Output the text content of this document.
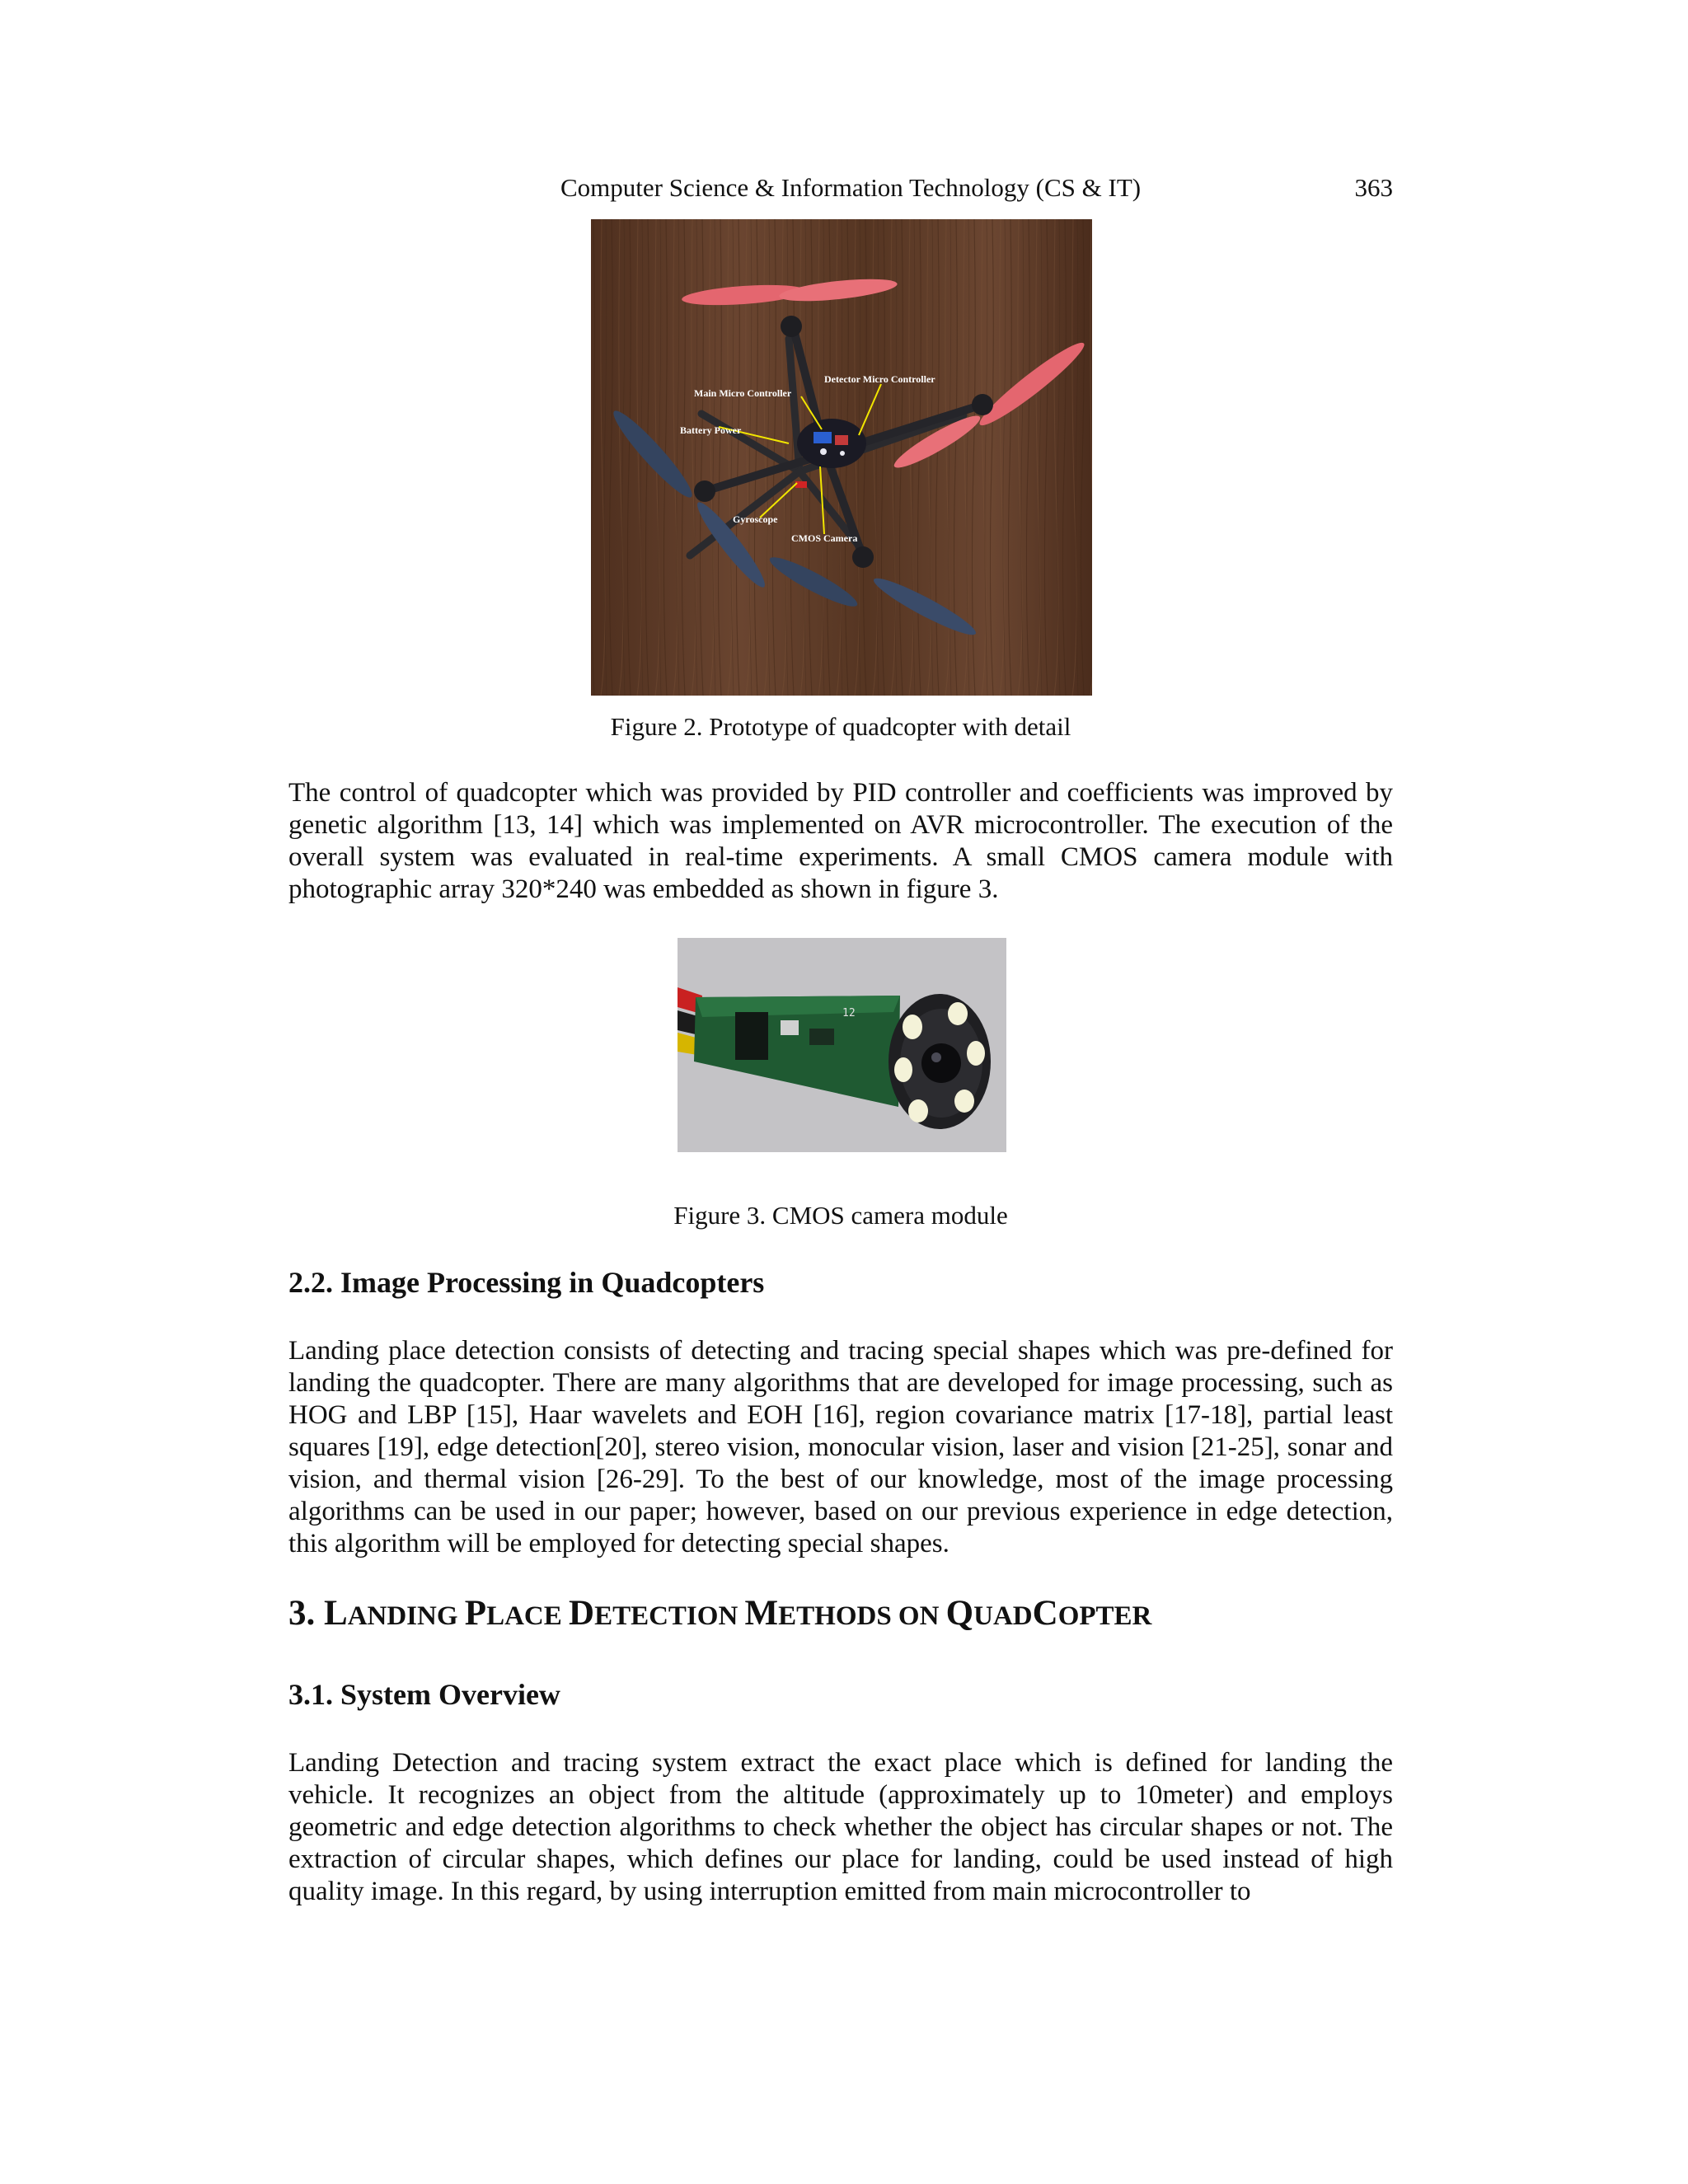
Computer Science & Information Technology (CS & IT)	363
Main Micro Controller
Detector Micro Controller
Battery Power
Gyroscope
CMOS Camera
Figure 2. Prototype of quadcopter with detail

The control of quadcopter which was provided by PID controller and coefficients was improved by genetic algorithm [13, 14] which was implemented on AVR microcontroller. The execution of the overall system was evaluated in real-time experiments. A small CMOS camera module with photographic array 320*240 was embedded as shown in figure 3.

12
Figure 3. CMOS camera module
2.2. Image Processing in Quadcopters

Landing place detection consists of detecting and tracing special shapes which was pre-defined for landing the quadcopter. There are many algorithms that are developed for image processing, such as HOG and LBP [15], Haar wavelets and EOH [16], region covariance matrix [17-18], partial least squares [19], edge detection[20], stereo vision, monocular vision, laser and vision [21-25], sonar and vision, and thermal vision [26-29]. To the best of our knowledge, most of the image processing algorithms can be used in our paper; however, based on our previous experience in edge detection, this algorithm will be employed for detecting special shapes.

3. LANDING PLACE DETECTION METHODS ON QUADCOPTER
3.1. System Overview

Landing Detection and tracing system extract the exact place which is defined for landing the vehicle. It recognizes an object from the altitude (approximately up to 10meter) and employs geometric and edge detection algorithms to check whether the object has circular shapes or not. The extraction of circular shapes, which defines our place for landing, could be used instead of high quality image. In this regard, by using interruption emitted from main microcontroller to
